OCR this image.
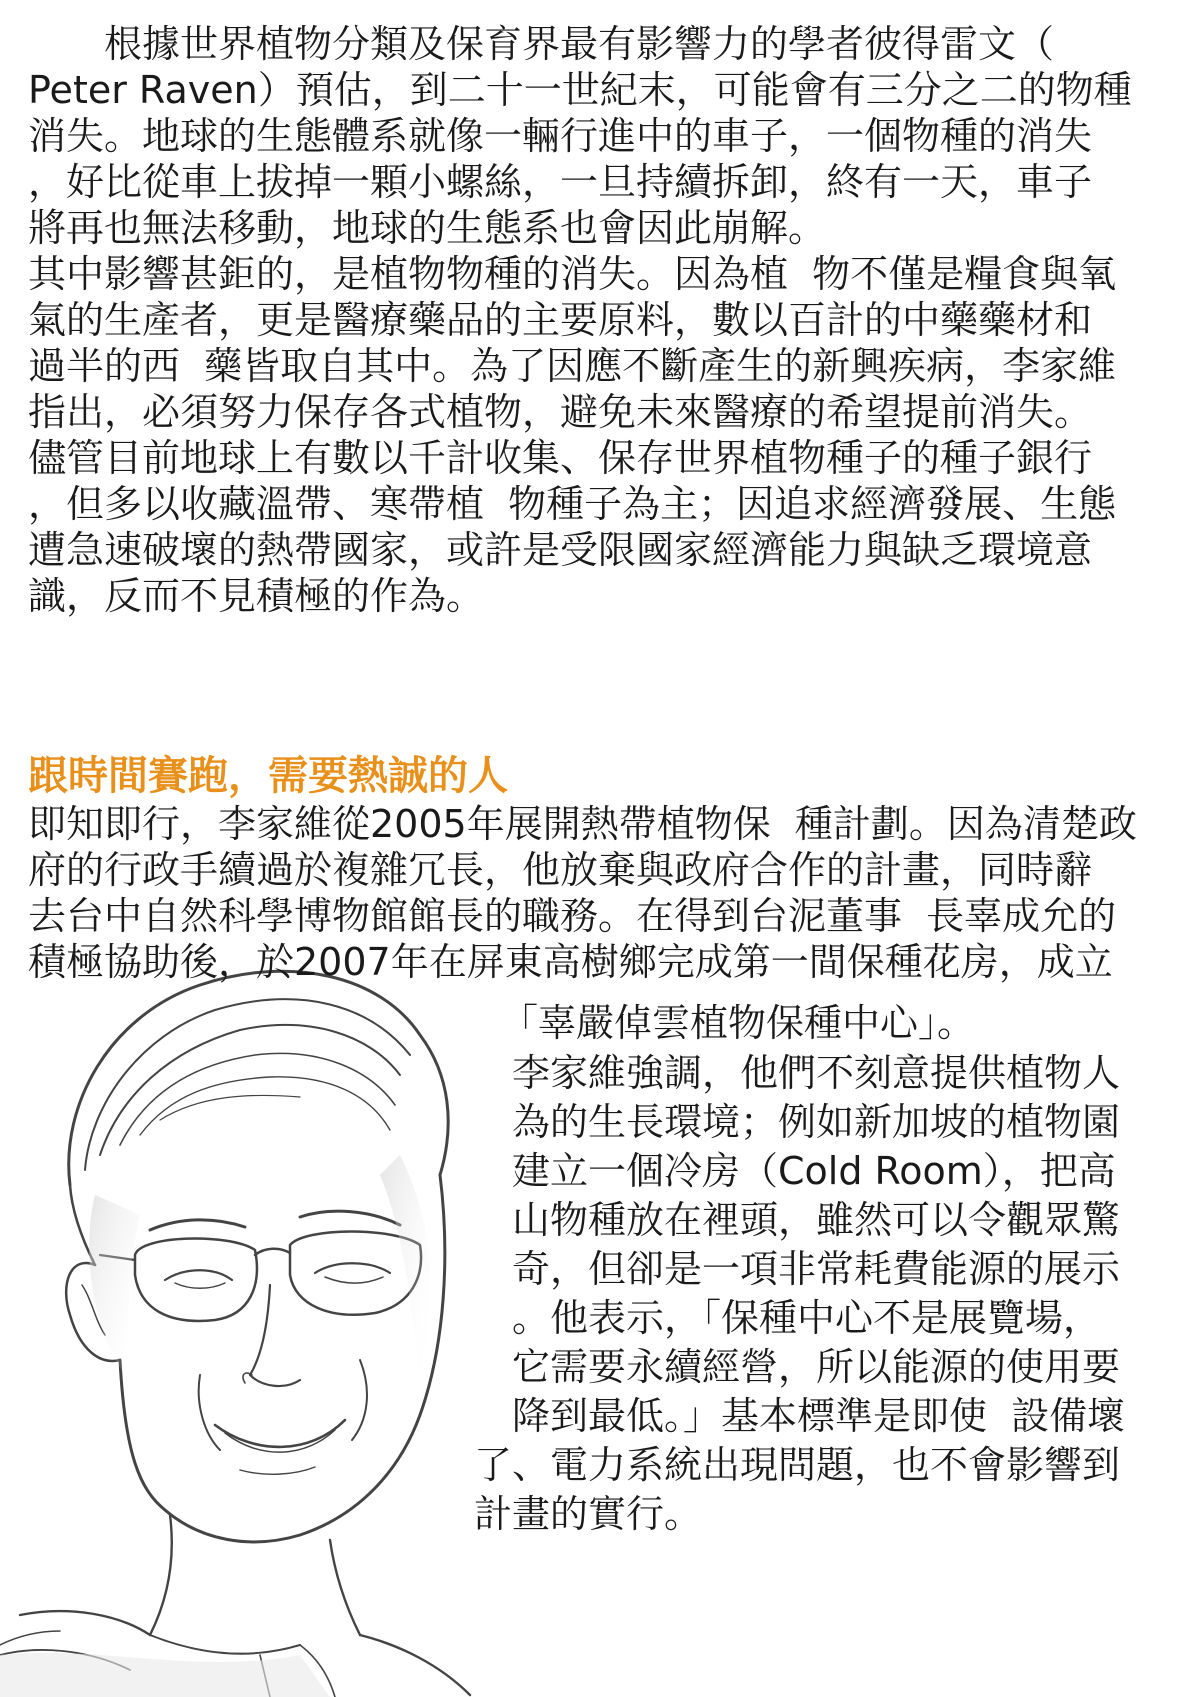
　　根據世界植物分類及保育界最有影響力的學者彼得雷文（

Peter Raven）預估，到二十一世紀末，可能會有三分之二的物種

消失。地球的生態體系就像一輛行進中的車子，一個物種的消失

，好比從車上拔掉一顆小螺絲，一旦持續拆卸，終有一天，車子

將再也無法移動，地球的生態系也會因此崩解。

其中影響甚鉅的，是植物物種的消失。因為植  物不僅是糧食與氧

氣的生產者，更是醫療藥品的主要原料，數以百計的中藥藥材和

過半的西  藥皆取自其中。為了因應不斷產生的新興疾病，李家維

指出，必須努力保存各式植物，避免未來醫療的希望提前消失。

儘管目前地球上有數以千計收集、保存世界植物種子的種子銀行

，但多以收藏溫帶、寒帶植  物種子為主；因追求經濟發展、生態

遭急速破壞的熱帶國家，或許是受限國家經濟能力與缺乏環境意

識，反而不見積極的作為。

跟時間賽跑，需要熱誠的人

即知即行，李家維從2005年展開熱帶植物保  種計劃。因為清楚政

府的行政手續過於複雜冗長，他放棄與政府合作的計畫，同時辭

去台中自然科學博物館館長的職務。在得到台泥董事  長辜成允的

積極協助後，於2007年在屏東高樹鄉完成第一間保種花房，成立

「辜嚴倬雲植物保種中心」。

李家維強調，他們不刻意提供植物人

為的生長環境；例如新加坡的植物園

建立一個冷房（Cold Room），把高

山物種放在裡頭，雖然可以令觀眾驚

奇，但卻是一項非常耗費能源的展示

。他表示，「保種中心不是展覽場，

它需要永續經營，所以能源的使用要

降到最低。」基本標準是即使  設備壞

了、電力系統出現問題，也不會影響到

計畫的實行。
